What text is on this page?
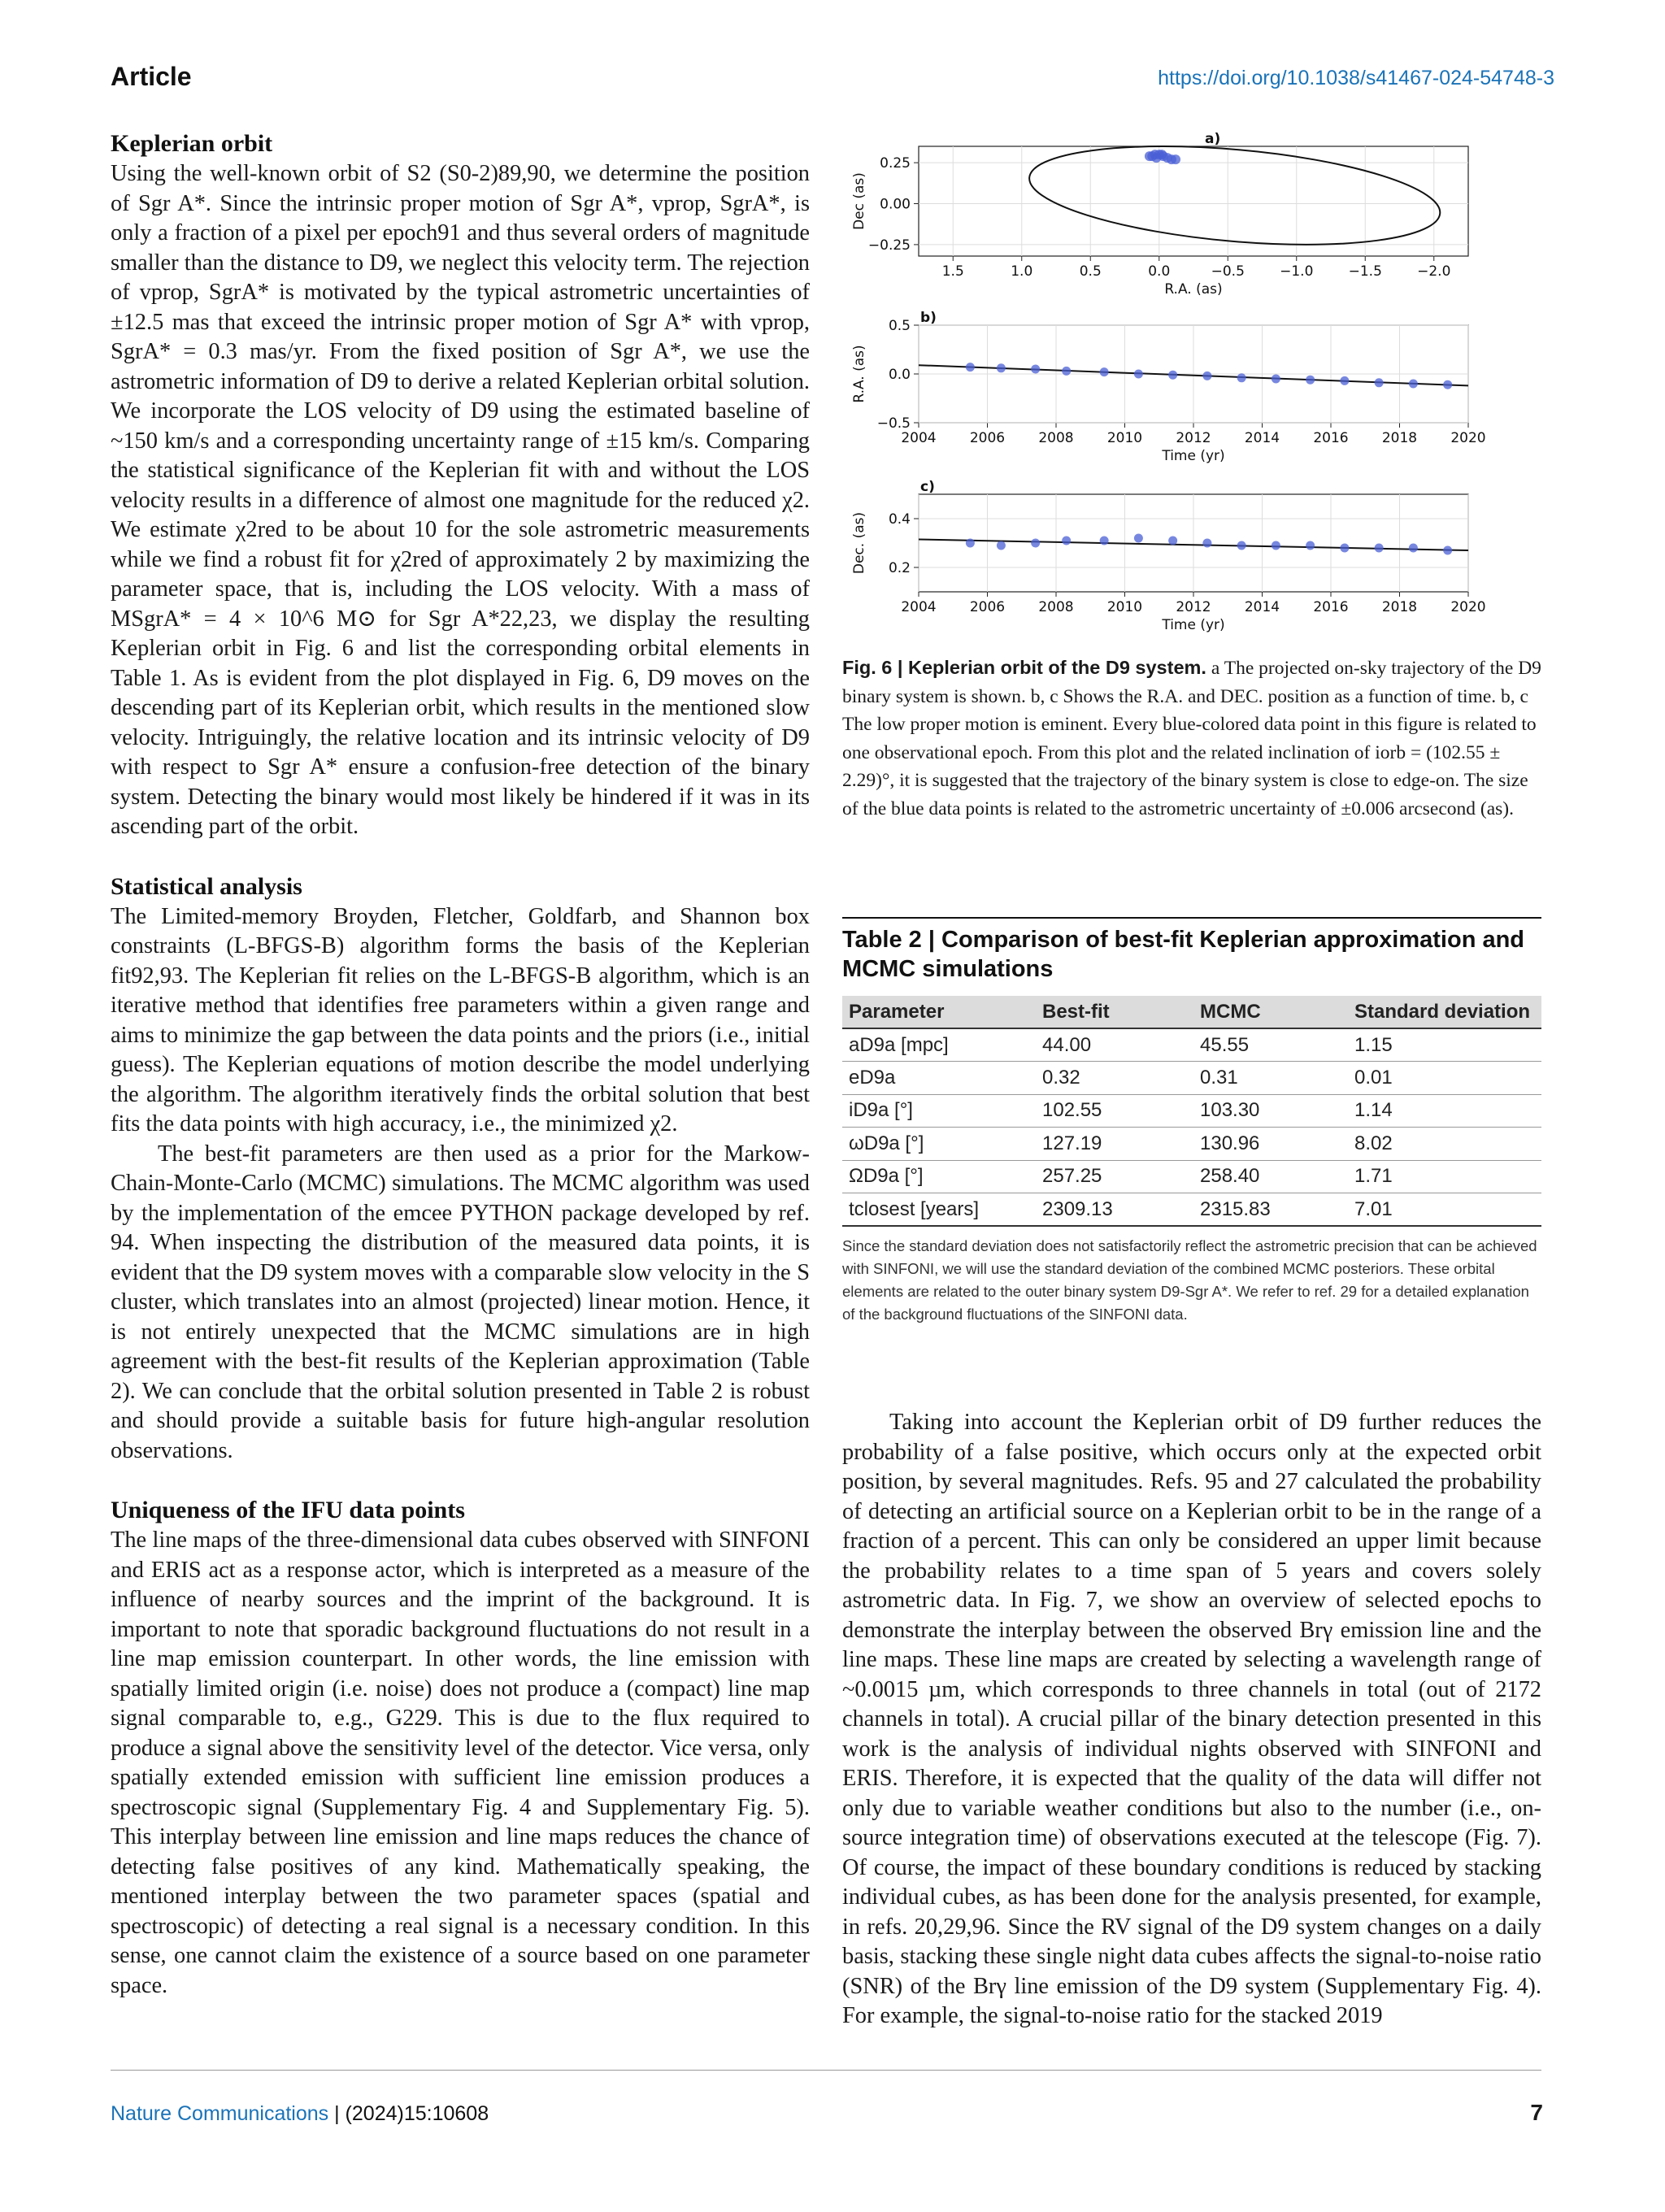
Article	https://doi.org/10.1038/s41467-024-54748-3
Keplerian orbit

Using the well-known orbit of S2 (S0-2)89,90, we determine the position of Sgr A*. Since the intrinsic proper motion of Sgr A*, vprop, SgrA*, is only a fraction of a pixel per epoch91 and thus several orders of magnitude smaller than the distance to D9, we neglect this velocity term. The rejection of vprop, SgrA* is motivated by the typical astrometric uncertainties of ±12.5 mas that exceed the intrinsic proper motion of Sgr A* with vprop, SgrA* = 0.3 mas/yr. From the fixed position of Sgr A*, we use the astrometric information of D9 to derive a related Keplerian orbital solution. We incorporate the LOS velocity of D9 using the estimated baseline of ~150 km/s and a corresponding uncertainty range of ±15 km/s. Comparing the statistical significance of the Keplerian fit with and without the LOS velocity results in a difference of almost one magnitude for the reduced χ2. We estimate χ2red to be about 10 for the sole astrometric measurements while we find a robust fit for χ2red of approximately 2 by maximizing the parameter space, that is, including the LOS velocity. With a mass of MSgrA* = 4 × 10^6 M⊙ for Sgr A*22,23, we display the resulting Keplerian orbit in Fig. 6 and list the corresponding orbital elements in Table 1. As is evident from the plot displayed in Fig. 6, D9 moves on the descending part of its Keplerian orbit, which results in the mentioned slow velocity. Intriguingly, the relative location and its intrinsic velocity of D9 with respect to Sgr A* ensure a confusion-free detection of the binary system. Detecting the binary would most likely be hindered if it was in its ascending part of the orbit.

Statistical analysis

The Limited-memory Broyden, Fletcher, Goldfarb, and Shannon box constraints (L-BFGS-B) algorithm forms the basis of the Keplerian fit92,93. The Keplerian fit relies on the L-BFGS-B algorithm, which is an iterative method that identifies free parameters within a given range and aims to minimize the gap between the data points and the priors (i.e., initial guess). The Keplerian equations of motion describe the model underlying the algorithm. The algorithm iteratively finds the orbital solution that best fits the data points with high accuracy, i.e., the minimized χ2.

The best-fit parameters are then used as a prior for the Markow-Chain-Monte-Carlo (MCMC) simulations. The MCMC algorithm was used by the implementation of the emcee PYTHON package developed by ref. 94. When inspecting the distribution of the measured data points, it is evident that the D9 system moves with a comparable slow velocity in the S cluster, which translates into an almost (projected) linear motion. Hence, it is not entirely unexpected that the MCMC simulations are in high agreement with the best-fit results of the Keplerian approximation (Table 2). We can conclude that the orbital solution presented in Table 2 is robust and should provide a suitable basis for future high-angular resolution observations.

Uniqueness of the IFU data points

The line maps of the three-dimensional data cubes observed with SINFONI and ERIS act as a response actor, which is interpreted as a measure of the influence of nearby sources and the imprint of the background. It is important to note that sporadic background fluctuations do not result in a line map emission counterpart. In other words, the line emission with spatially limited origin (i.e. noise) does not produce a (compact) line map signal comparable to, e.g., G229. This is due to the flux required to produce a signal above the sensitivity level of the detector. Vice versa, only spatially extended emission with sufficient line emission produces a spectroscopic signal (Supplementary Fig. 4 and Supplementary Fig. 5). This interplay between line emission and line maps reduces the chance of detecting false positives of any kind. Mathematically speaking, the mentioned interplay between the two parameter spaces (spatial and spectroscopic) of detecting a real signal is a necessary condition. In this sense, one cannot claim the existence of a source based on one parameter space.

1.5	1.0	0.5	0.0	−0.5	−1.0	−1.5	−2.0
0.25
0.00
−0.25
R.A. (as)
Dec (as)
a)
2004 2006 2008 2010 2012 2014 2016 2018 2020
0.5
0.0
−0.5
Time (yr)
R.A. (as)
b)
2004 2006 2008 2010 2012 2014 2016 2018 2020
0.4
0.2
Time (yr)
Dec. (as)
c)
Fig. 6 | Keplerian orbit of the D9 system. a The projected on-sky trajectory of the D9 binary system is shown. b, c Shows the R.A. and DEC. position as a function of time. b, c The low proper motion is eminent. Every blue-colored data point in this figure is related to one observational epoch. From this plot and the related inclination of iorb = (102.55 ± 2.29)°, it is suggested that the trajectory of the binary system is close to edge-on. The size of the blue data points is related to the astrometric uncertainty of ±0.006 arcsecond (as).
Table 2 | Comparison of best-fit Keplerian approximation and MCMC simulations
Parameter	Best-fit	MCMC	Standard deviation
aD9a [mpc]	44.00	45.55	1.15
eD9a	0.32	0.31	0.01
iD9a [°]	102.55	103.30	1.14
ωD9a [°]	127.19	130.96	8.02
ΩD9a [°]	257.25	258.40	1.71
tclosest [years]	2309.13	2315.83	7.01
Since the standard deviation does not satisfactorily reflect the astrometric precision that can be achieved with SINFONI, we will use the standard deviation of the combined MCMC posteriors. These orbital elements are related to the outer binary system D9-Sgr A*. We refer to ref. 29 for a detailed explanation of the background fluctuations of the SINFONI data.

Taking into account the Keplerian orbit of D9 further reduces the probability of a false positive, which occurs only at the expected orbit position, by several magnitudes. Refs. 95 and 27 calculated the probability of detecting an artificial source on a Keplerian orbit to be in the range of a fraction of a percent. This can only be considered an upper limit because the probability relates to a time span of 5 years and covers solely astrometric data. In Fig. 7, we show an overview of selected epochs to demonstrate the interplay between the observed Brγ emission line and the line maps. These line maps are created by selecting a wavelength range of ~0.0015 µm, which corresponds to three channels in total (out of 2172 channels in total). A crucial pillar of the binary detection presented in this work is the analysis of individual nights observed with SINFONI and ERIS. Therefore, it is expected that the quality of the data will differ not only due to variable weather conditions but also to the number (i.e., on-source integration time) of observations executed at the telescope (Fig. 7). Of course, the impact of these boundary conditions is reduced by stacking individual cubes, as has been done for the analysis presented, for example, in refs. 20,29,96. Since the RV signal of the D9 system changes on a daily basis, stacking these single night data cubes affects the signal-to-noise ratio (SNR) of the Brγ line emission of the D9 system (Supplementary Fig. 4). For example, the signal-to-noise ratio for the stacked 2019

Nature Communications | (2024)15:10608	7
